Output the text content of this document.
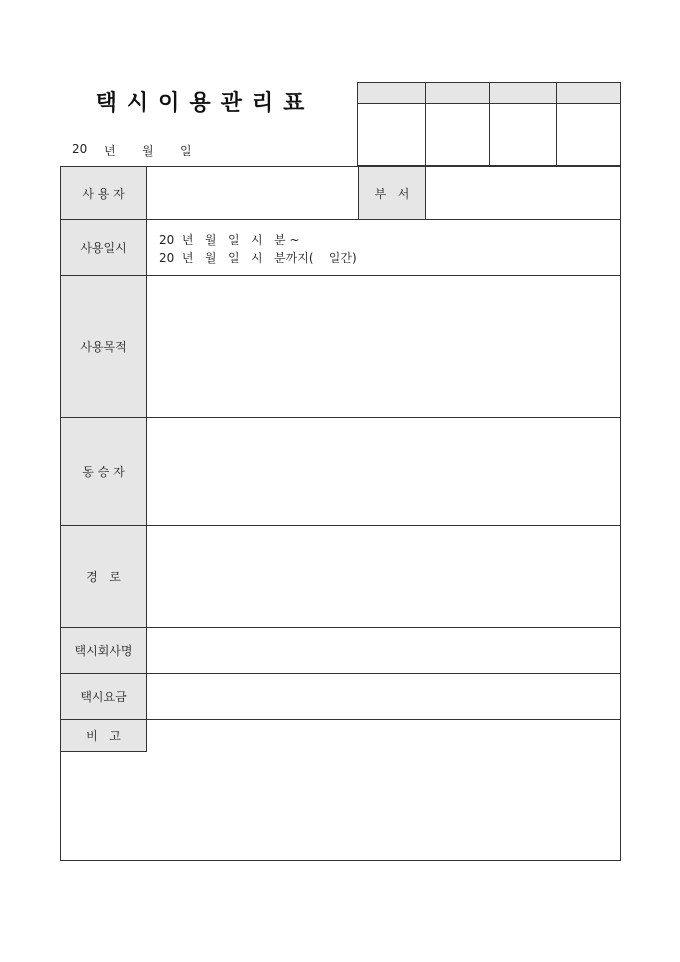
택시이용관리표
20 년 월 일

사 용 자	부   서
사용일시
20  년   월   일   시   분 ~
20  년   월   일   시   분까지(    일간)
사용목적
동 승 자
경   로
택시회사명
택시요금
비   고
